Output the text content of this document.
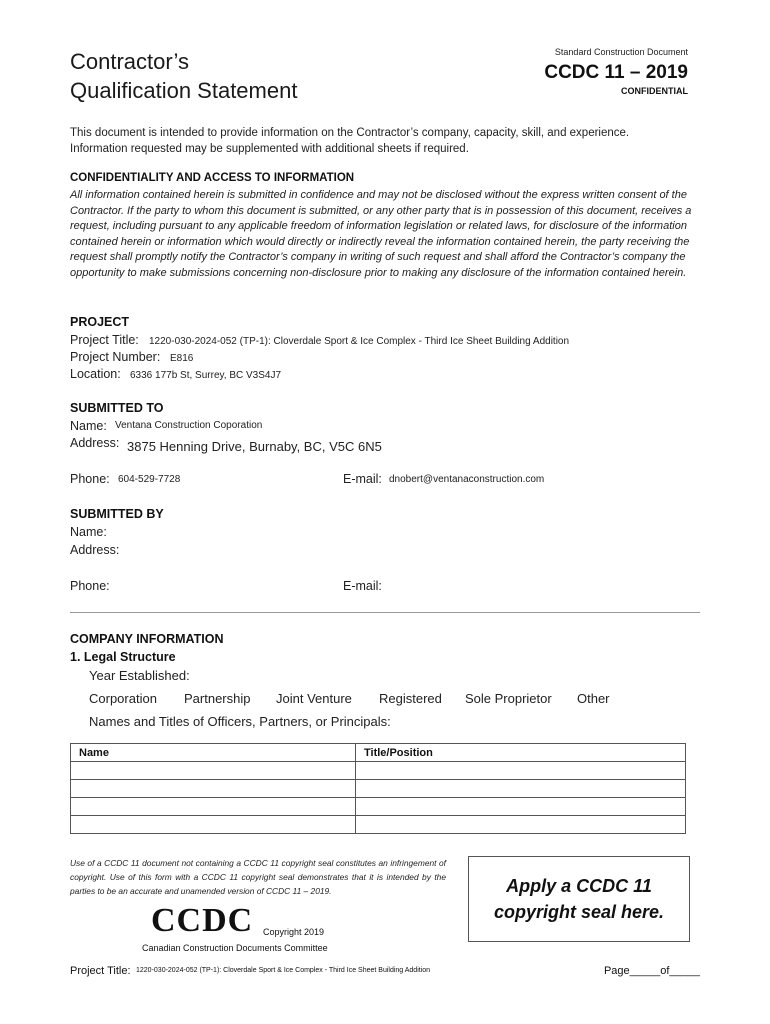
Contractor’s
Qualification Statement
Standard Construction Document
CCDC 11 – 2019
CONFIDENTIAL
This document is intended to provide information on the Contractor’s company, capacity, skill, and experience.
Information requested may be supplemented with additional sheets if required.
CONFIDENTIALITY AND ACCESS TO INFORMATION
All information contained herein is submitted in confidence and may not be disclosed without the express written consent of the Contractor. If the party to whom this document is submitted, or any other party that is in possession of this document, receives a request, including pursuant to any applicable freedom of information legislation or related laws, for disclosure of the information contained herein or information which would directly or indirectly reveal the information contained herein, the party receiving the request shall promptly notify the Contractor’s company in writing of such request and shall afford the Contractor’s company the opportunity to make submissions concerning non-disclosure prior to making any disclosure of the information contained herein.
PROJECT
Project Title: 1220-030-2024-052 (TP-1): Cloverdale Sport & Ice Complex - Third Ice Sheet Building Addition
Project Number: E816
Location: 6336 177b St, Surrey, BC V3S4J7
SUBMITTED TO
Name: Ventana Construction Coporation
Address: 3875 Henning Drive, Burnaby, BC, V5C 6N5
Phone: 604-529-7728	E-mail: dnobert@ventanaconstruction.com
SUBMITTED BY
Name:
Address:
Phone:	E-mail:
COMPANY INFORMATION
1. Legal Structure
Year Established:
Corporation Partnership Joint Venture Registered Sole Proprietor Other
Names and Titles of Officers, Partners, or Principals:
Name	Title/Position

Use of a CCDC 11 document not containing a CCDC 11 copyright seal constitutes an infringement of copyright. Use of this form with a CCDC 11 copyright seal demonstrates that it is intended by the parties to be an accurate and unamended version of CCDC 11 – 2019.
CCDC Copyright 2019
Canadian Construction Documents Committee
Apply a CCDC 11
copyright seal here.
Project Title: 1220-030-2024-052 (TP-1): Cloverdale Sport & Ice Complex - Third Ice Sheet Building Addition	Page_____of_____
